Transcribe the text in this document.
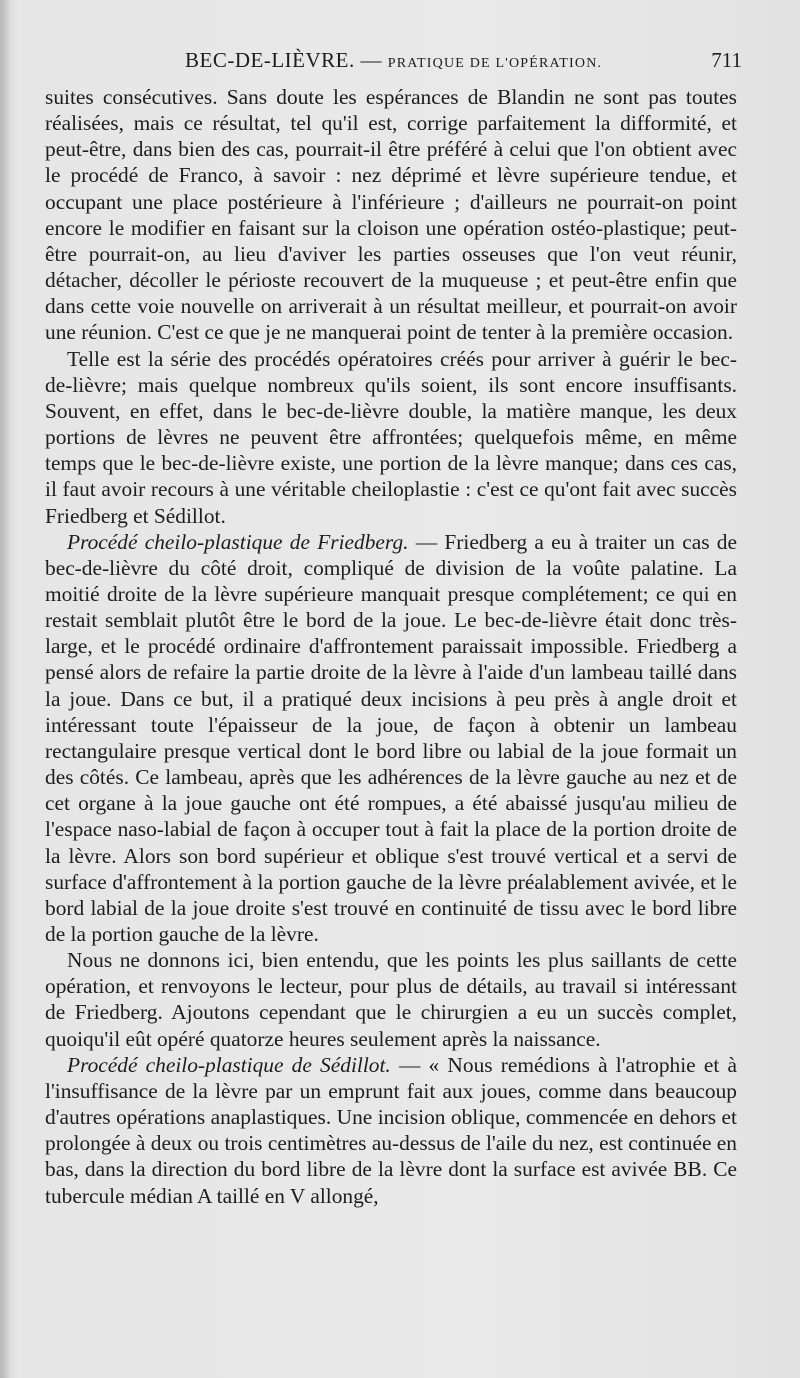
BEC-DE-LIÈVRE. — PRATIQUE DE L'OPÉRATION.	711

suites consécutives. Sans doute les espérances de Blandin ne sont pas toutes réalisées, mais ce résultat, tel qu'il est, corrige parfaitement la difformité, et peut-être, dans bien des cas, pourrait-il être préféré à celui que l'on obtient avec le procédé de Franco, à savoir : nez déprimé et lèvre supérieure tendue, et occupant une place postérieure à l'inférieure ; d'ailleurs ne pourrait-on point encore le modifier en faisant sur la cloison une opération ostéo-plastique; peut-être pourrait-on, au lieu d'aviver les parties osseuses que l'on veut réunir, détacher, décoller le périoste recouvert de la muqueuse ; et peut-être enfin que dans cette voie nouvelle on arriverait à un résultat meilleur, et pourrait-on avoir une réunion. C'est ce que je ne manquerai point de tenter à la première occasion.

Telle est la série des procédés opératoires créés pour arriver à guérir le bec-de-lièvre; mais quelque nombreux qu'ils soient, ils sont encore insuffisants. Souvent, en effet, dans le bec-de-lièvre double, la matière manque, les deux portions de lèvres ne peuvent être affrontées; quelquefois même, en même temps que le bec-de-lièvre existe, une portion de la lèvre manque; dans ces cas, il faut avoir recours à une véritable cheiloplastie : c'est ce qu'ont fait avec succès Friedberg et Sédillot.

Procédé cheilo-plastique de Friedberg. — Friedberg a eu à traiter un cas de bec-de-lièvre du côté droit, compliqué de division de la voûte palatine. La moitié droite de la lèvre supérieure manquait presque complétement; ce qui en restait semblait plutôt être le bord de la joue. Le bec-de-lièvre était donc très-large, et le procédé ordinaire d'affrontement paraissait impossible. Friedberg a pensé alors de refaire la partie droite de la lèvre à l'aide d'un lambeau taillé dans la joue. Dans ce but, il a pratiqué deux incisions à peu près à angle droit et intéressant toute l'épaisseur de la joue, de façon à obtenir un lambeau rectangulaire presque vertical dont le bord libre ou labial de la joue formait un des côtés. Ce lambeau, après que les adhérences de la lèvre gauche au nez et de cet organe à la joue gauche ont été rompues, a été abaissé jusqu'au milieu de l'espace naso-labial de façon à occuper tout à fait la place de la portion droite de la lèvre. Alors son bord supérieur et oblique s'est trouvé vertical et a servi de surface d'affrontement à la portion gauche de la lèvre préalablement avivée, et le bord labial de la joue droite s'est trouvé en continuité de tissu avec le bord libre de la portion gauche de la lèvre.

Nous ne donnons ici, bien entendu, que les points les plus saillants de cette opération, et renvoyons le lecteur, pour plus de détails, au travail si intéressant de Friedberg. Ajoutons cependant que le chirurgien a eu un succès complet, quoiqu'il eût opéré quatorze heures seulement après la naissance.

Procédé cheilo-plastique de Sédillot. — « Nous remédions à l'atrophie et à l'insuffisance de la lèvre par un emprunt fait aux joues, comme dans beaucoup d'autres opérations anaplastiques. Une incision oblique, commencée en dehors et prolongée à deux ou trois centimètres au-dessus de l'aile du nez, est continuée en bas, dans la direction du bord libre de la lèvre dont la surface est avivée BB. Ce tubercule médian A taillé en V allongé,
